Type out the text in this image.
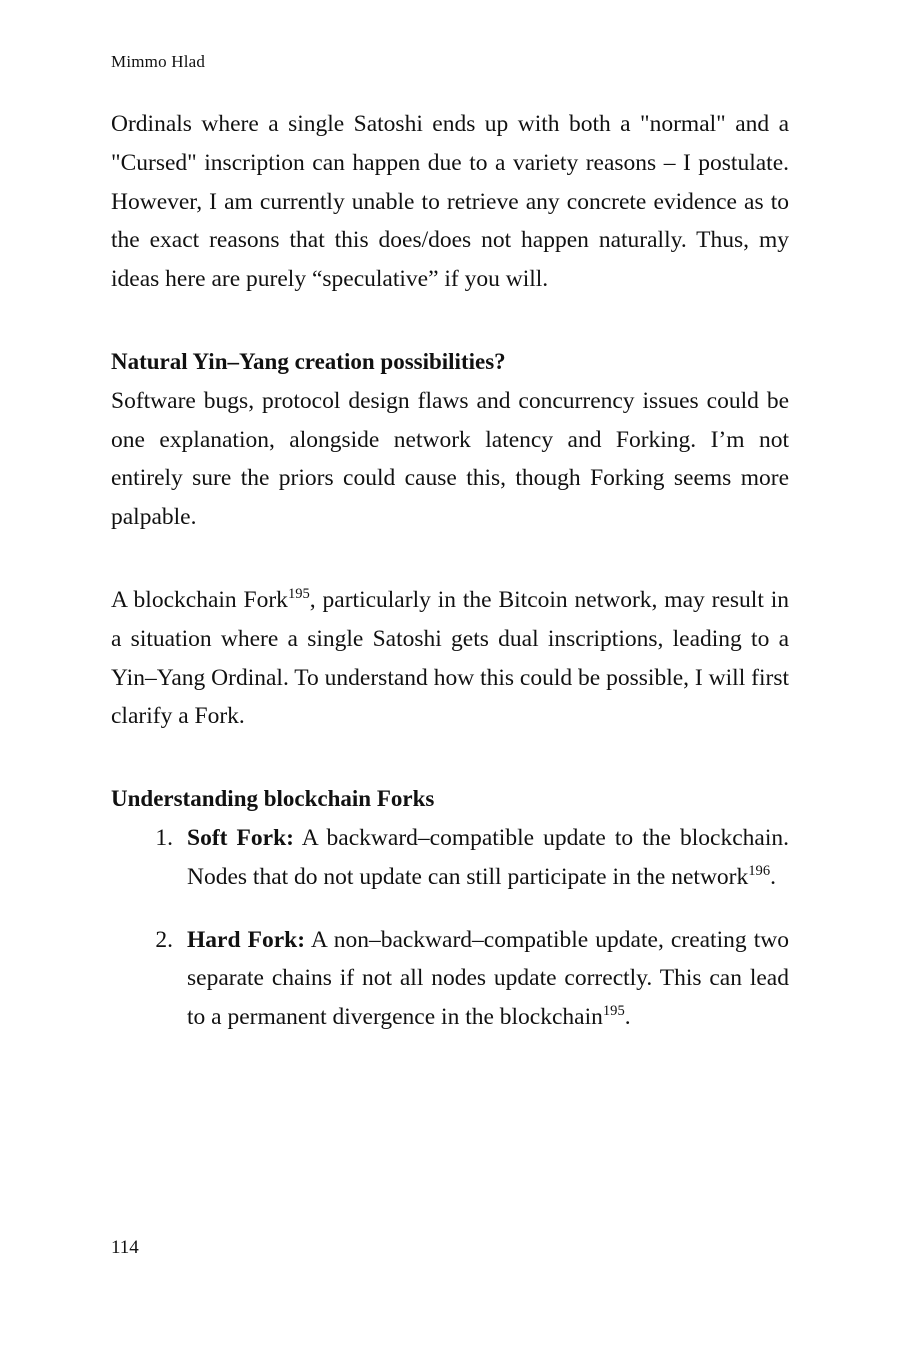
Mimmo Hlad

Ordinals where a single Satoshi ends up with both a "normal" and a "Cursed" inscription can happen due to a variety reasons – I postulate. However, I am currently unable to retrieve any concrete evidence as to the exact reasons that this does/does not happen naturally. Thus, my ideas here are purely “speculative” if you will.

Natural Yin–Yang creation possibilities?

Software bugs, protocol design flaws and concurrency issues could be one explanation, alongside network latency and Forking. I’m not entirely sure the priors could cause this, though Forking seems more palpable.

A blockchain Fork$^{195}$, particularly in the Bitcoin network, may result in a situation where a single Satoshi gets dual inscriptions, leading to a Yin–Yang Ordinal. To understand how this could be possible, I will first clarify a Fork.

Understanding blockchain Forks
Soft Fork: A backward–compatible update to the blockchain. Nodes that do not update can still participate in the network$^{196}$.
Hard Fork: A non–backward–compatible update, creating two separate chains if not all nodes update correctly. This can lead to a permanent divergence in the blockchain$^{195}$.
114
